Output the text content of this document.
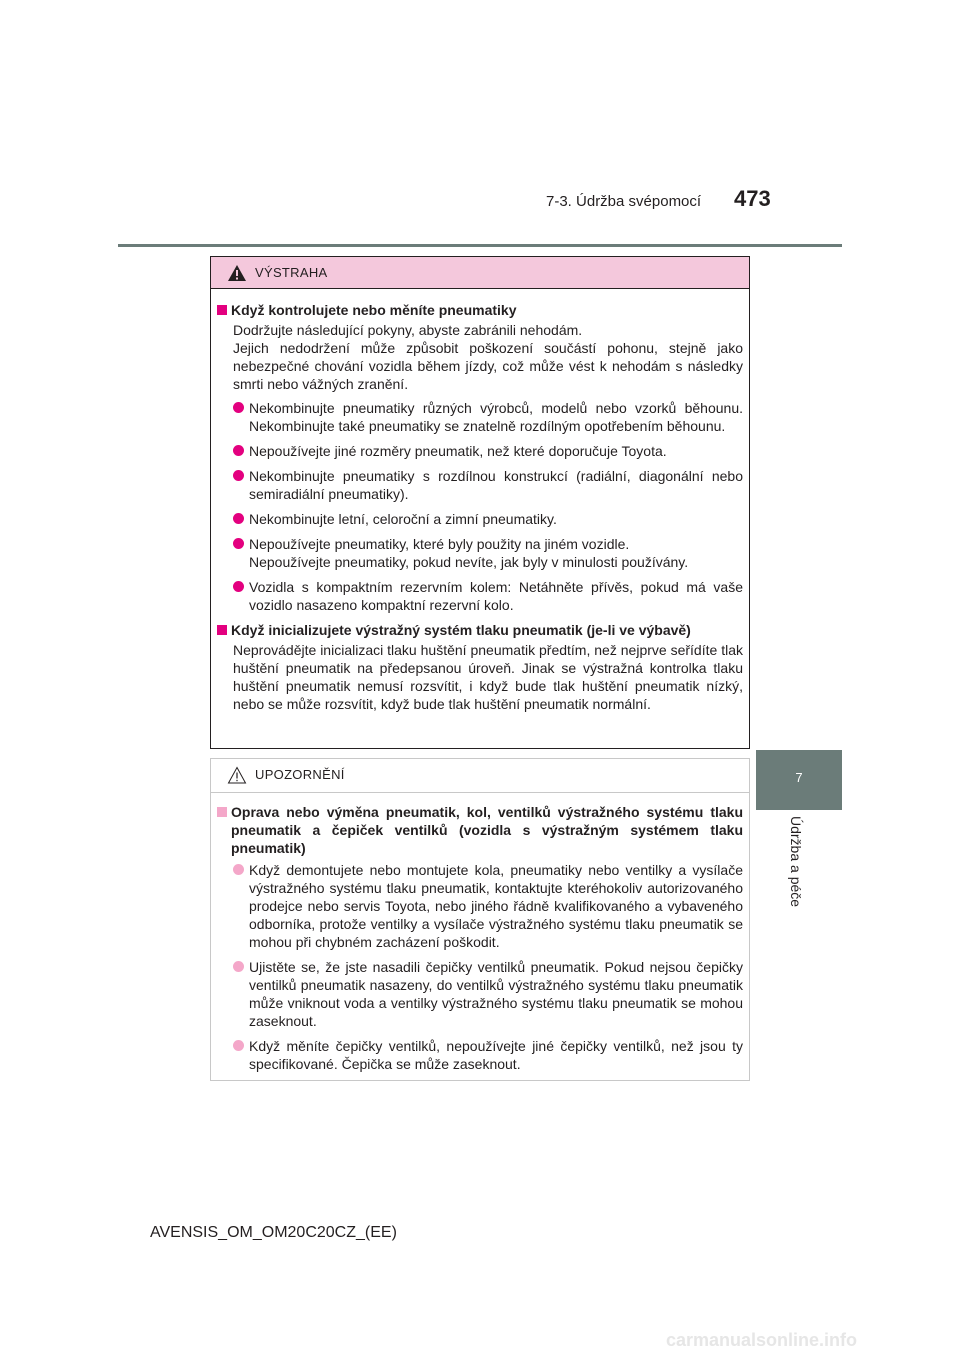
7-3. Údržba svépomocí 473
7
Údržba a péče
VÝSTRAHA
Když kontrolujete nebo měníte pneumatiky
Dodržujte následující pokyny, abyste zabránili nehodám.
Jejich nedodržení může způsobit poškození součástí pohonu, stejně jako nebezpečné chování vozidla během jízdy, což může vést k nehodám s následky smrti nebo vážných zranění.
Nekombinujte pneumatiky různých výrobců, modelů nebo vzorků běhounu. Nekombinujte také pneumatiky se znatelně rozdílným opotřebením běhounu.
Nepoužívejte jiné rozměry pneumatik, než které doporučuje Toyota.
Nekombinujte pneumatiky s rozdílnou konstrukcí (radiální, diagonální nebo semiradiální pneumatiky).
Nekombinujte letní, celoroční a zimní pneumatiky.
Nepoužívejte pneumatiky, které byly použity na jiném vozidle.
Nepoužívejte pneumatiky, pokud nevíte, jak byly v minulosti používány.
Vozidla s kompaktním rezervním kolem: Netáhněte přívěs, pokud má vaše vozidlo nasazeno kompaktní rezervní kolo.
Když inicializujete výstražný systém tlaku pneumatik (je-li ve výbavě)
Neprovádějte inicializaci tlaku huštění pneumatik předtím, než nejprve seřídíte tlak huštění pneumatik na předepsanou úroveň. Jinak se výstražná kontrolka tlaku huštění pneumatik nemusí rozsvítit, i když bude tlak huštění pneumatik nízký, nebo se může rozsvítit, když bude tlak huštění pneumatik normální.
UPOZORNĚNÍ
Oprava nebo výměna pneumatik, kol, ventilků výstražného systému tlaku pneumatik a čepiček ventilků (vozidla s výstražným systémem tlaku pneumatik)
Když demontujete nebo montujete kola, pneumatiky nebo ventilky a vysílače výstražného systému tlaku pneumatik, kontaktujte kteréhokoliv autorizovaného prodejce nebo servis Toyota, nebo jiného řádně kvalifikovaného a vybaveného odborníka, protože ventilky a vysílače výstražného systému tlaku pneumatik se mohou při chybném zacházení poškodit.
Ujistěte se, že jste nasadili čepičky ventilků pneumatik. Pokud nejsou čepičky ventilků pneumatik nasazeny, do ventilků výstražného systému tlaku pneumatik může vniknout voda a ventilky výstražného systému tlaku pneumatik se mohou zaseknout.
Když měníte čepičky ventilků, nepoužívejte jiné čepičky ventilků, než jsou ty specifikované. Čepička se může zaseknout.
AVENSIS_OM_OM20C20CZ_(EE)
carmanualsonline.info
